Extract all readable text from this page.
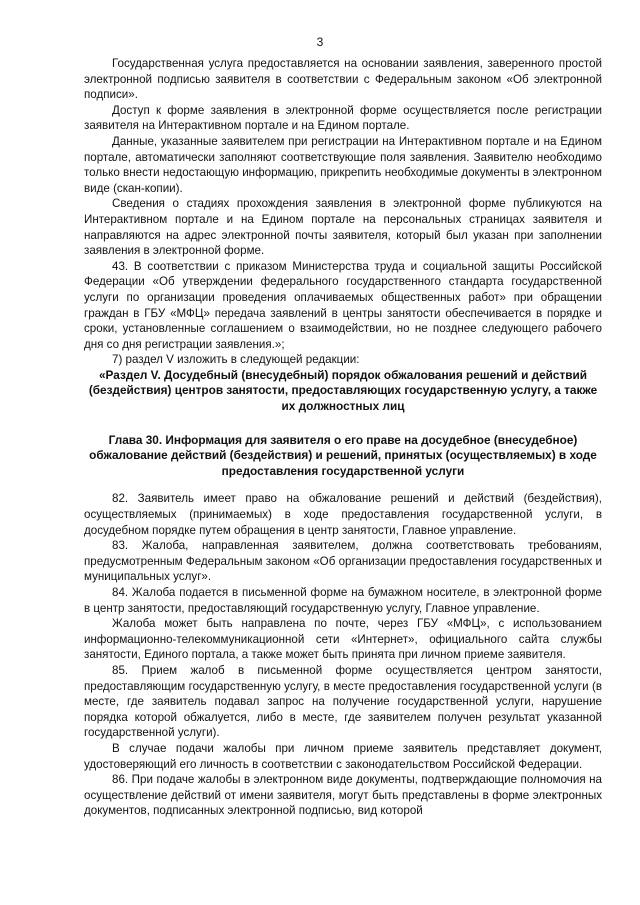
3

Государственная услуга предоставляется на основании заявления, заверенного простой электронной подписью заявителя в соответствии с Федеральным законом «Об электронной подписи».

Доступ к форме заявления в электронной форме осуществляется после регистрации заявителя на Интерактивном портале и на Едином портале.

Данные, указанные заявителем при регистрации на Интерактивном портале и на Едином портале, автоматически заполняют соответствующие поля заявления. Заявителю необходимо только внести недостающую информацию, прикрепить необходимые документы в электронном виде (скан-копии).

Сведения о стадиях прохождения заявления в электронной форме публикуются на Интерактивном портале и на Едином портале на персональных страницах заявителя и направляются на адрес электронной почты заявителя, который был указан при заполнении заявления в электронной форме.

43. В соответствии с приказом Министерства труда и социальной защиты Российской Федерации «Об утверждении федерального государственного стандарта государственной услуги по организации проведения оплачиваемых общественных работ» при обращении граждан в ГБУ «МФЦ» передача заявлений в центры занятости обеспечивается в порядке и сроки, установленные соглашением о взаимодействии, но не позднее следующего рабочего дня со дня регистрации заявления.»;

7) раздел V изложить в следующей редакции:

«Раздел V. Досудебный (внесудебный) порядок обжалования решений и действий (бездействия) центров занятости, предоставляющих государственную услугу, а также их должностных лиц

Глава 30. Информация для заявителя о его праве на досудебное (внесудебное) обжалование действий (бездействия) и решений, принятых (осуществляемых) в ходе предоставления государственной услуги

82. Заявитель имеет право на обжалование решений и действий (бездействия), осуществляемых (принимаемых) в ходе предоставления государственной услуги, в досудебном порядке путем обращения в центр занятости, Главное управление.

83. Жалоба, направленная заявителем, должна соответствовать требованиям, предусмотренным Федеральным законом «Об организации предоставления государственных и муниципальных услуг».

84. Жалоба подается в письменной форме на бумажном носителе, в электронной форме в центр занятости, предоставляющий государственную услугу, Главное управление.

Жалоба может быть направлена по почте, через ГБУ «МФЦ», с использованием информационно-телекоммуникационной сети «Интернет», официального сайта службы занятости, Единого портала, а также может быть принята при личном приеме заявителя.

85. Прием жалоб в письменной форме осуществляется центром занятости, предоставляющим государственную услугу, в месте предоставления государственной услуги (в месте, где заявитель подавал запрос на получение государственной услуги, нарушение порядка которой обжалуется, либо в месте, где заявителем получен результат указанной государственной услуги).

В случае подачи жалобы при личном приеме заявитель представляет документ, удостоверяющий его личность в соответствии с законодательством Российской Федерации.

86. При подаче жалобы в электронном виде документы, подтверждающие полномочия на осуществление действий от имени заявителя, могут быть представлены в форме электронных документов, подписанных электронной подписью, вид которой
